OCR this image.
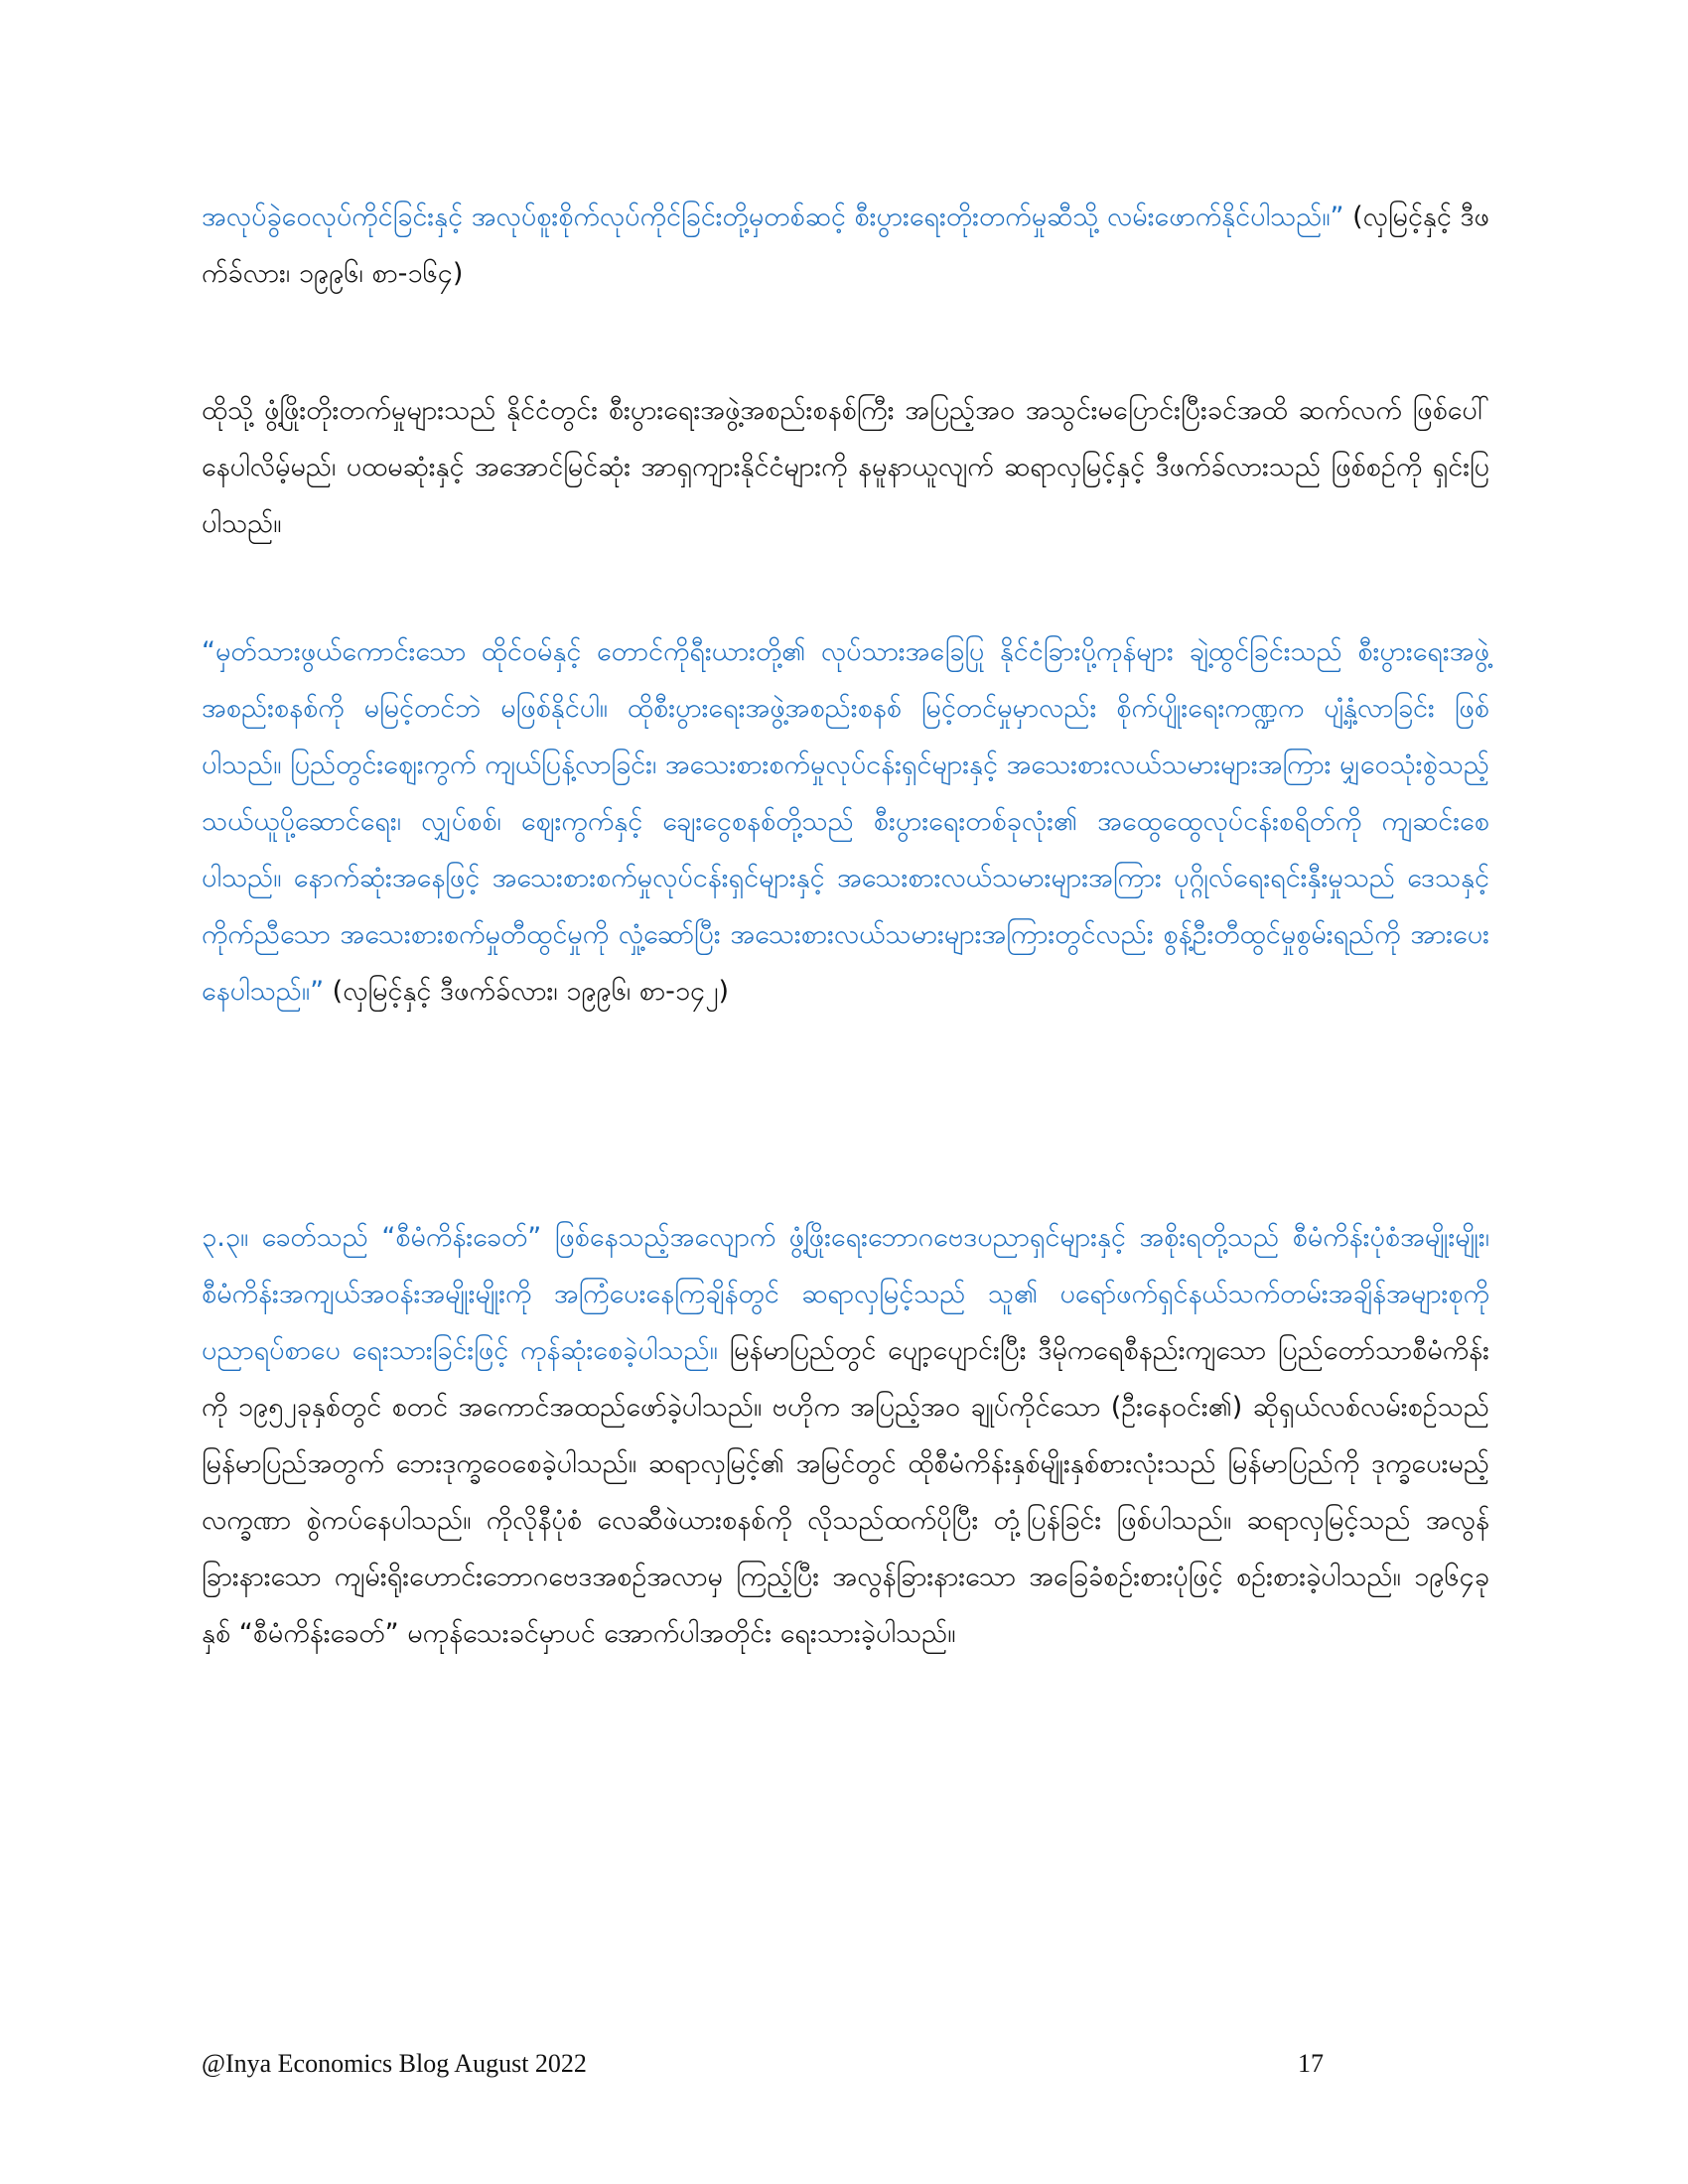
အလုပ်ခွဲဝေလုပ်ကိုင်ခြင်းနှင့် အလုပ်စူးစိုက်လုပ်ကိုင်ခြင်းတို့မှတစ်ဆင့် စီးပွားရေးတိုးတက်မှုဆီသို့ လမ်းဖောက်နိုင်ပါသည်။” (လှမြင့်နှင့် ဒီဖက်ခ်လား၊ ၁၉၉၆၊ စာ-၁၆၄)

ထိုသို့ ဖွံ့ဖြိုးတိုးတက်မှုများသည် နိုင်ငံတွင်း စီးပွားရေးအဖွဲ့အစည်းစနစ်ကြီး အပြည့်အဝ အသွင်းမပြောင်းပြီးခင်အထိ ဆက်လက် ဖြစ်ပေါ်နေပါလိမ့်မည်၊ ပထမဆုံးနှင့် အအောင်မြင်ဆုံး အာရှကျားနိုင်ငံများကို နမူနာယူလျက် ဆရာလှမြင့်နှင့် ဒီဖက်ခ်လားသည် ဖြစ်စဉ်ကို ရှင်းပြပါသည်။

“မှတ်သားဖွယ်ကောင်းသော ထိုင်ဝမ်နှင့် တောင်ကိုရီးယားတို့၏ လုပ်သားအခြေပြု နိုင်ငံခြားပို့ကုန်များ ချဲ့ထွင်ခြင်းသည် စီးပွားရေးအဖွဲ့အစည်းစနစ်ကို မမြင့်တင်ဘဲ မဖြစ်နိုင်ပါ။ ထိုစီးပွားရေးအဖွဲ့အစည်းစနစ် မြင့်တင်မှုမှာလည်း စိုက်ပျိုးရေးကဏ္ဍက ပျံ့နှံ့လာခြင်း ဖြစ်ပါသည်။ ပြည်တွင်းဈေးကွက် ကျယ်ပြန့်လာခြင်း၊ အသေးစားစက်မှုလုပ်ငန်းရှင်များနှင့် အသေးစားလယ်သမားများအကြား မျှဝေသုံးစွဲသည့် သယ်ယူပို့ဆောင်ရေး၊ လျှပ်စစ်၊ ဈေးကွက်နှင့် ချေးငွေစနစ်တို့သည် စီးပွားရေးတစ်ခုလုံး၏ အထွေထွေလုပ်ငန်းစရိတ်ကို ကျဆင်းစေပါသည်။ နောက်ဆုံးအနေဖြင့် အသေးစားစက်မှုလုပ်ငန်းရှင်များနှင့် အသေးစားလယ်သမားများအကြား ပုဂ္ဂိုလ်ရေးရင်းနှီးမှုသည် ဒေသနှင့် ကိုက်ညီသော အသေးစားစက်မှုတီထွင်မှုကို လှုံ့ဆော်ပြီး အသေးစားလယ်သမားများအကြားတွင်လည်း စွန့်ဦးတီထွင်မှုစွမ်းရည်ကို အားပေးနေပါသည်။” (လှမြင့်နှင့် ဒီဖက်ခ်လား၊ ၁၉၉၆၊ စာ-၁၄၂)

၃.၃။ ခေတ်သည် “စီမံကိန်းခေတ်” ဖြစ်နေသည့်အလျောက် ဖွံ့ဖြိုးရေးဘောဂဗေဒပညာရှင်များနှင့် အစိုးရတို့သည် စီမံကိန်းပုံစံအမျိုးမျိုး၊ စီမံကိန်းအကျယ်အဝန်းအမျိုးမျိုးကို အကြံပေးနေကြချိန်တွင် ဆရာလှမြင့်သည် သူ၏ ပရော်ဖက်ရှင်နယ်သက်တမ်းအချိန်အများစုကို ပညာရပ်စာပေ ရေးသားခြင်းဖြင့် ကုန်ဆုံးစေခဲ့ပါသည်။ မြန်မာပြည်တွင် ပျော့ပျောင်းပြီး ဒီမိုကရေစီနည်းကျသော ပြည်တော်သာစီမံကိန်းကို ၁၉၅၂ခုနှစ်တွင် စတင် အကောင်အထည်ဖော်ခဲ့ပါသည်။ ဗဟိုက အပြည့်အဝ ချုပ်ကိုင်သော (ဦးနေဝင်း၏) ဆိုရှယ်လစ်လမ်းစဉ်သည် မြန်မာပြည်အတွက် ဘေးဒုက္ခဝေစေခဲ့ပါသည်။ ဆရာလှမြင့်၏ အမြင်တွင် ထိုစီမံကိန်းနှစ်မျိုးနှစ်စားလုံးသည် မြန်မာပြည်ကို ဒုက္ခပေးမည့် လက္ခဏာ စွဲကပ်နေပါသည်။ ကိုလိုနီပုံစံ လေဆီဖဲယားစနစ်ကို လိုသည်ထက်ပိုပြီး တုံ့ပြန်ခြင်း ဖြစ်ပါသည်။ ဆရာလှမြင့်သည် အလွန်ခြားနားသော ကျမ်းရိုးဟောင်းဘောဂဗေဒအစဉ်အလာမှ ကြည့်ပြီး အလွန်ခြားနားသော အခြေခံစဉ်းစားပုံဖြင့် စဉ်းစားခဲ့ပါသည်။ ၁၉၆၄ခုနှစ် “စီမံကိန်းခေတ်” မကုန်သေးခင်မှာပင် အောက်ပါအတိုင်း ရေးသားခဲ့ပါသည်။

@Inya Economics Blog August 2022	17
